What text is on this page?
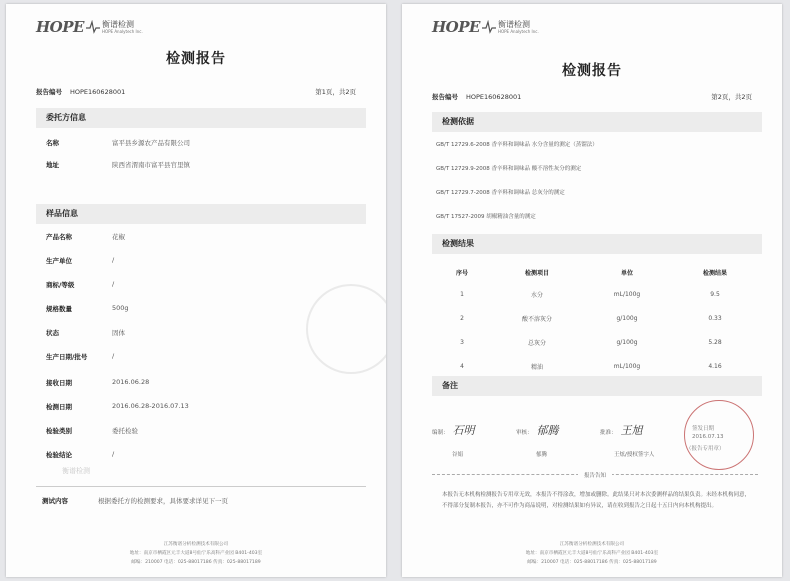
HOPE 衡谱检测
HOPE Analytech Inc.
检测报告
报告编号 HOPE160628001	第1页，共2页
委托方信息
名称	富平县乡源农产品有限公司
地址	陕西省渭南市富平县官里镇
样品信息
产品名称	花椒
生产单位	/
商标/等级	/
规格数量	500g
状态	固体
生产日期/批号	/
接收日期	2016.06.28
检测日期	2016.06.28-2016.07.13
检验类别	委托检验
检验结论	/
衡谱检测
测试内容	根据委托方的检测要求，具体要求详见下一页
江苏衡谱分析检测技术有限公司
地址：南京市栖霞区元丰大道8号仙宁乐高科产业园 B401-403室
邮编：210007 电话：025-88017186 传真：025-88017189
HOPE 衡谱检测
HOPE Analytech Inc.
检测报告
报告编号 HOPE160628001	第2页，共2页
检测依据
GB/T 12729.6-2008 香辛料和调味品 水分含量的测定（蒸馏法）
GB/T 12729.9-2008 香辛料和调味品 酸不溶性灰分的测定
GB/T 12729.7-2008 香辛料和调味品 总灰分的测定
GB/T 17527-2009 胡椒精油含量的测定
检测结果
序号	检测项目	单位	检测结果
1	水分	mL/100g	9.5
2	酸不溶灰分	g/100g	0.33
3	总灰分	g/100g	5.28
4	精油	mL/100g	4.16
备注
编制： 石明	审核： 郁腾	批准： 王旭
谷娟	郁腾	王炫/授权签字人
签发日期
2016.07.13
（报告专用章）
报告告知
本报告无本机构检测报告专用章无效，本报告不得涂改，增加或删除。此结果只对本次委测样品的结果负责。未经本机构同意，不得部分复制本报告，亦不可作为商品说明，对检测结果如有异议，请在收到报告之日起十五日内向本机构提出。
江苏衡谱分析检测技术有限公司
地址：南京市栖霞区元丰大道8号仙宁乐高科产业园 B401-403室
邮编：210007 电话：025-88017186 传真：025-88017189
